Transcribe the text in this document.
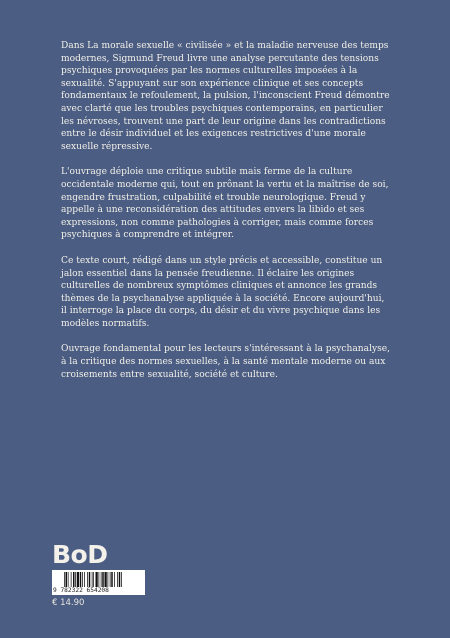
Dans La morale sexuelle « civilisée » et la maladie nerveuse des temps modernes, Sigmund Freud livre une analyse percutante des tensions psychiques provoquées par les normes culturelles imposées à la sexualité. S'appuyant sur son expérience clinique et ses concepts fondamentaux le refoulement, la pulsion, l'inconscient Freud démontre avec clarté que les troubles psychiques contemporains, en particulier les névroses, trouvent une part de leur origine dans les contradictions entre le désir individuel et les exigences restrictives d'une morale sexuelle répressive.

L'ouvrage déploie une critique subtile mais ferme de la culture occidentale moderne qui, tout en prônant la vertu et la maîtrise de soi, engendre frustration, culpabilité et trouble neurologique. Freud y appelle à une reconsidération des attitudes envers la libido et ses expressions, non comme pathologies à corriger, mais comme forces psychiques à comprendre et intégrer.

Ce texte court, rédigé dans un style précis et accessible, constitue un jalon essentiel dans la pensée freudienne. Il éclaire les origines culturelles de nombreux symptômes cliniques et annonce les grands thèmes de la psychanalyse appliquée à la société. Encore aujourd'hui, il interroge la place du corps, du désir et du vivre psychique dans les modèles normatifs.

Ouvrage fondamental pour les lecteurs s'intéressant à la psychanalyse, à la critique des normes sexuelles, à la santé mentale moderne ou aux croisements entre sexualité, société et culture.

BoD
9 782322 654208
€ 14.90
